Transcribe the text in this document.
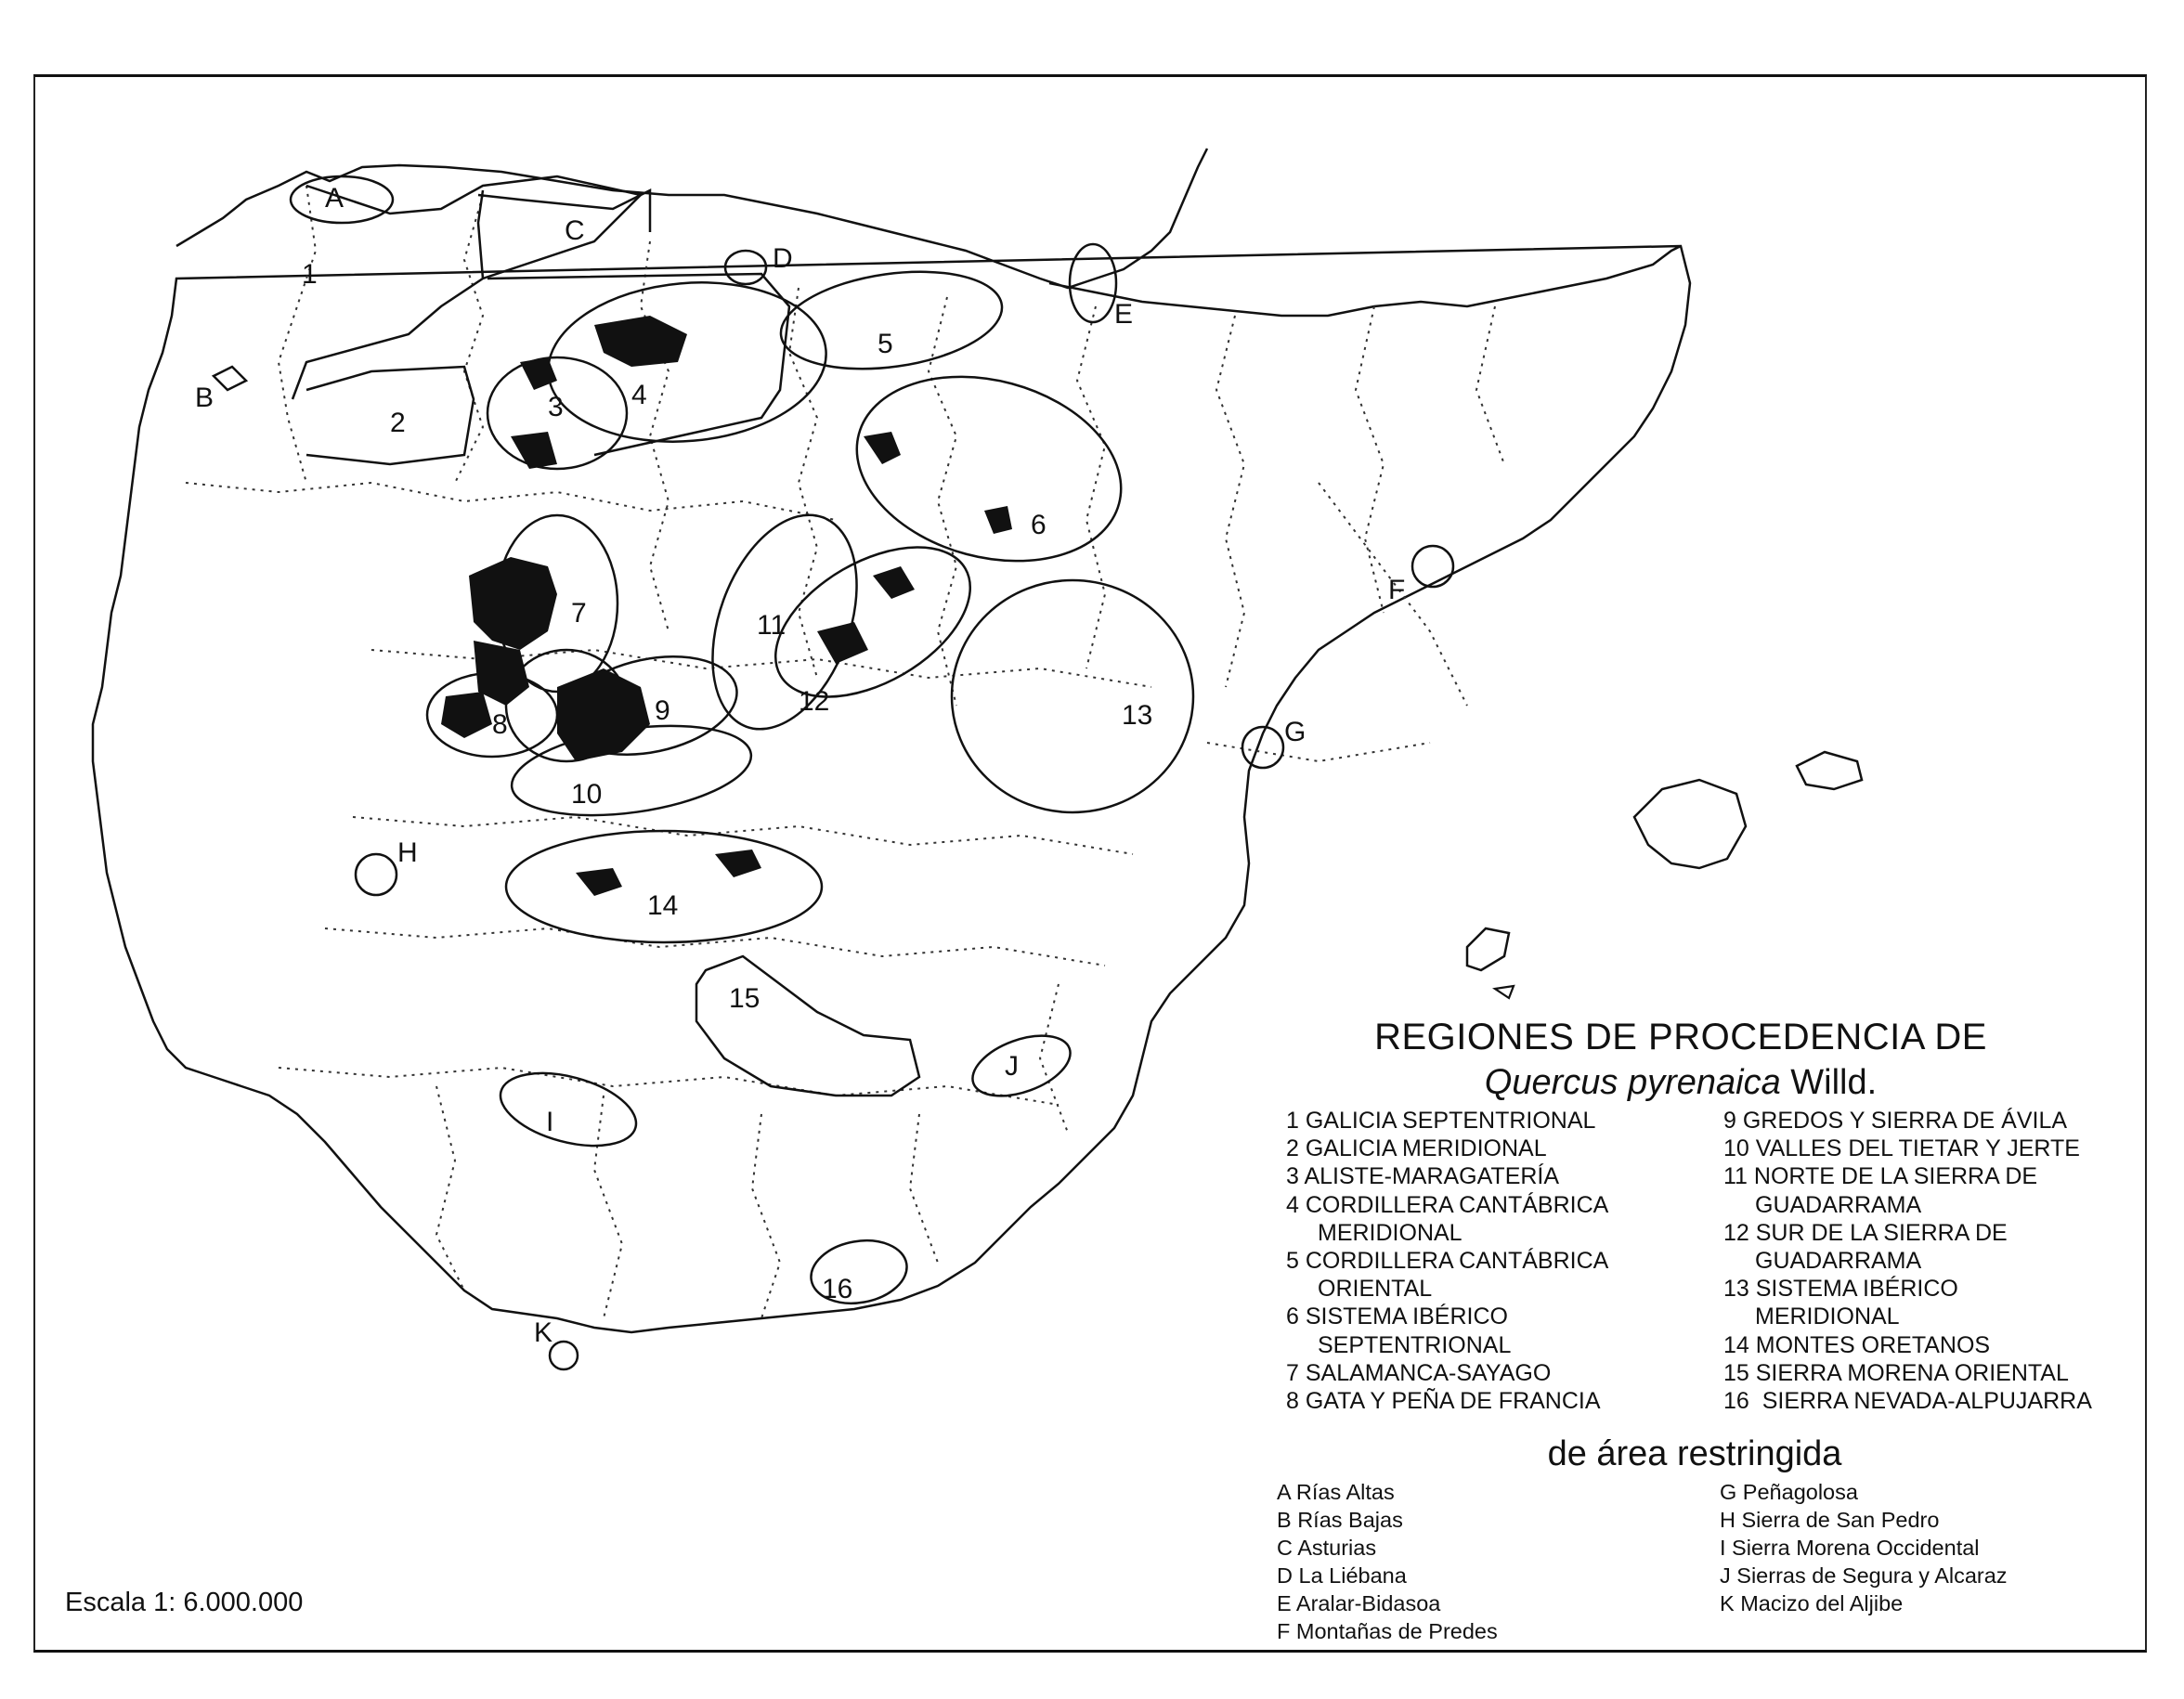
1
2
3 4
5
6
7
8	9
10
11
12	13
14
15
16
A
B
C
D
E
F
G
H
I
J
K
REGIONES DE PROCEDENCIA DE
Quercus pyrenaica Willd.
1 GALICIA SEPTENTRIONAL
2 GALICIA MERIDIONAL
3 ALISTE-MARAGATERÍA
4 CORDILLERA CANTÁBRICA
MERIDIONAL
5 CORDILLERA CANTÁBRICA
ORIENTAL
6 SISTEMA IBÉRICO
SEPTENTRIONAL
7 SALAMANCA-SAYAGO
8 GATA Y PEÑA DE FRANCIA
9 GREDOS Y SIERRA DE ÁVILA
10 VALLES DEL TIETAR Y JERTE
11 NORTE DE LA SIERRA DE
GUADARRAMA
12 SUR DE LA SIERRA DE
GUADARRAMA
13 SISTEMA IBÉRICO
MERIDIONAL
14 MONTES ORETANOS
15 SIERRA MORENA ORIENTAL
16  SIERRA NEVADA-ALPUJARRA
de área restringida
A Rías Altas
B Rías Bajas
C Asturias
D La Liébana
E Aralar-Bidasoa
F Montañas de Predes
G Peñagolosa
H Sierra de San Pedro
I Sierra Morena Occidental
J Sierras de Segura y Alcaraz
K Macizo del Aljibe
Escala 1: 6.000.000
